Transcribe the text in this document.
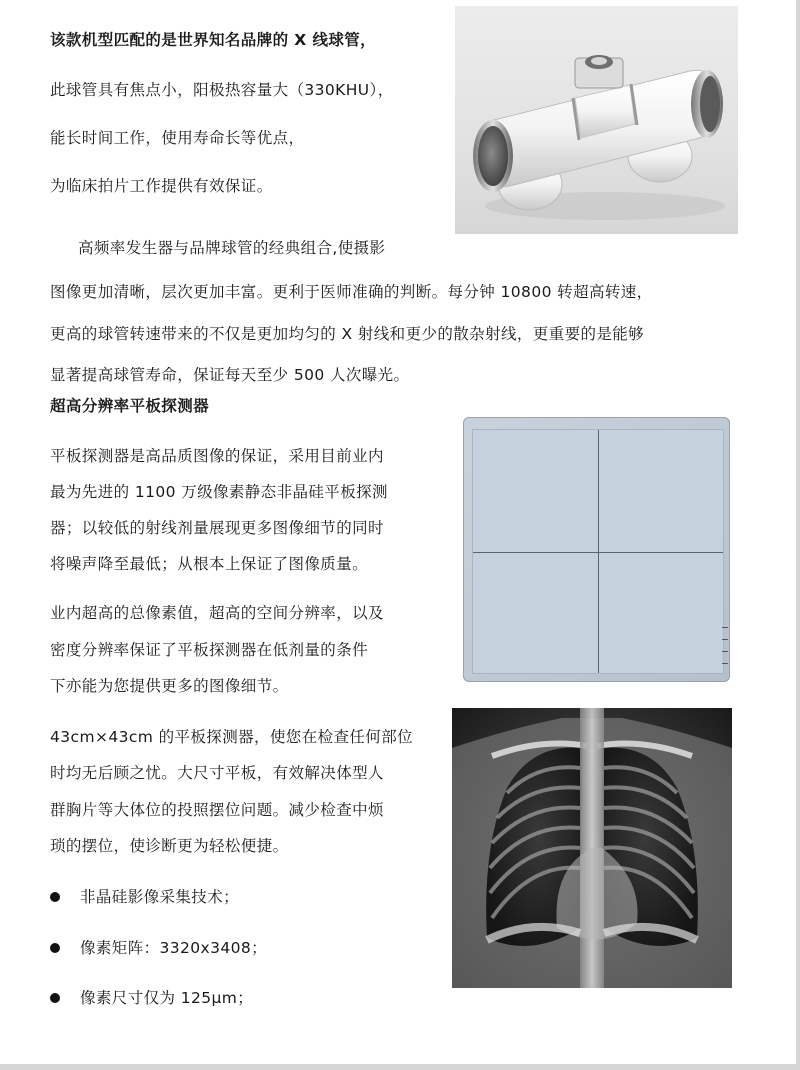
该款机型匹配的是世界知名品牌的 X 线球管，
此球管具有焦点小，阳极热容量大（330KHU），
能长时间工作，使用寿命长等优点，
为临床拍片工作提供有效保证。
高频率发生器与品牌球管的经典组合,使摄影
图像更加清晰，层次更加丰富。更利于医师准确的判断。每分钟 10800 转超高转速，
更高的球管转速带来的不仅是更加均匀的 X 射线和更少的散杂射线，更重要的是能够
显著提高球管寿命，保证每天至少 500 人次曝光。
超高分辨率平板探测器
平板探测器是高品质图像的保证，采用目前业内
最为先进的 1100 万级像素静态非晶硅平板探测
器；以较低的射线剂量展现更多图像细节的同时
将噪声降至最低；从根本上保证了图像质量。
业内超高的总像素值，超高的空间分辨率，以及
密度分辨率保证了平板探测器在低剂量的条件
下亦能为您提供更多的图像细节。
43cm×43cm 的平板探测器，使您在检查任何部位
时均无后顾之忧。大尺寸平板，有效解决体型人
群胸片等大体位的投照摆位问题。减少检查中烦
琐的摆位，使诊断更为轻松便捷。
非晶硅影像采集技术；
像素矩阵：3320x3408；
像素尺寸仅为 125μm；
